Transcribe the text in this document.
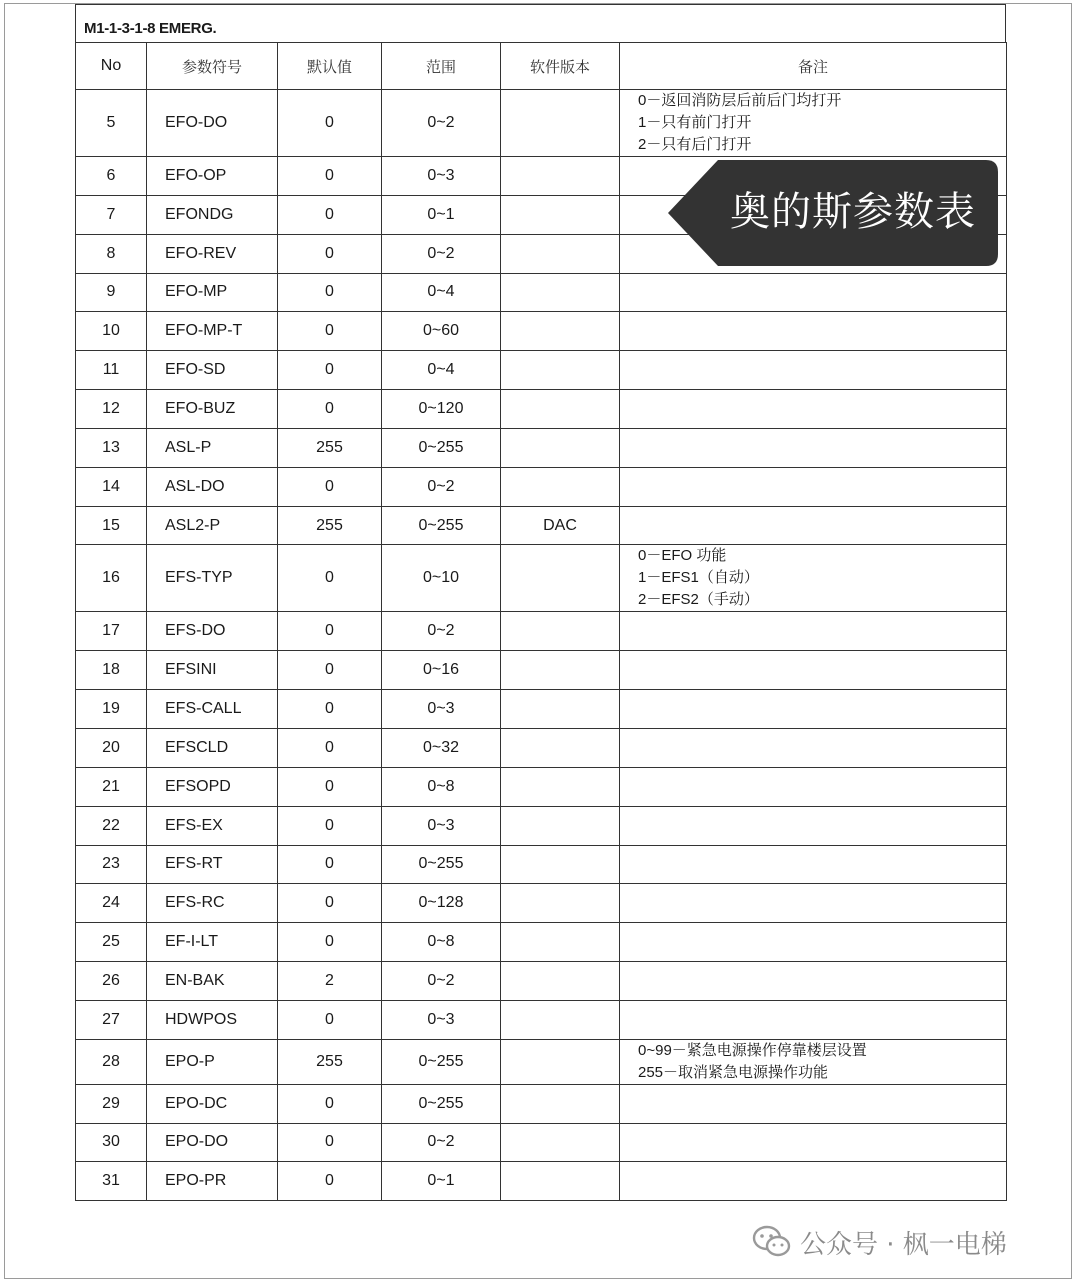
M1-1-3-1-8 EMERG.
No	参数符号	默认值	范围	软件版本	备注
5	EFO-DO	0	0~2		0－返回消防层后前后门均打开
1－只有前门打开
2－只有后门打开

6	EFO-OP	0	0~3		
7	EFONDG	0	0~1		
8	EFO-REV	0	0~2		
9	EFO-MP	0	0~4		
10	EFO-MP-T	0	0~60		
11	EFO-SD	0	0~4		
12	EFO-BUZ	0	0~120		
13	ASL-P	255	0~255		
14	ASL-DO	0	0~2		
15	ASL2-P	255	0~255	DAC	
16	EFS-TYP	0	0~10		0－EFO 功能
1－EFS1（自动）
2－EFS2（手动）

17	EFS-DO	0	0~2		
18	EFSINI	0	0~16		
19	EFS-CALL	0	0~3		
20	EFSCLD	0	0~32		
21	EFSOPD	0	0~8		
22	EFS-EX	0	0~3		
23	EFS-RT	0	0~255		
24	EFS-RC	0	0~128		
25	EF-I-LT	0	0~8		
26	EN-BAK	2	0~2		
27	HDWPOS	0	0~3		
28	EPO-P	255	0~255		0~99－紧急电源操作停靠楼层设置
255－取消紧急电源操作功能

29	EPO-DC	0	0~255		
30	EPO-DO	0	0~2		
31	EPO-PR	0	0~1		
奥的斯参数表
公众号 · 枫一电梯
